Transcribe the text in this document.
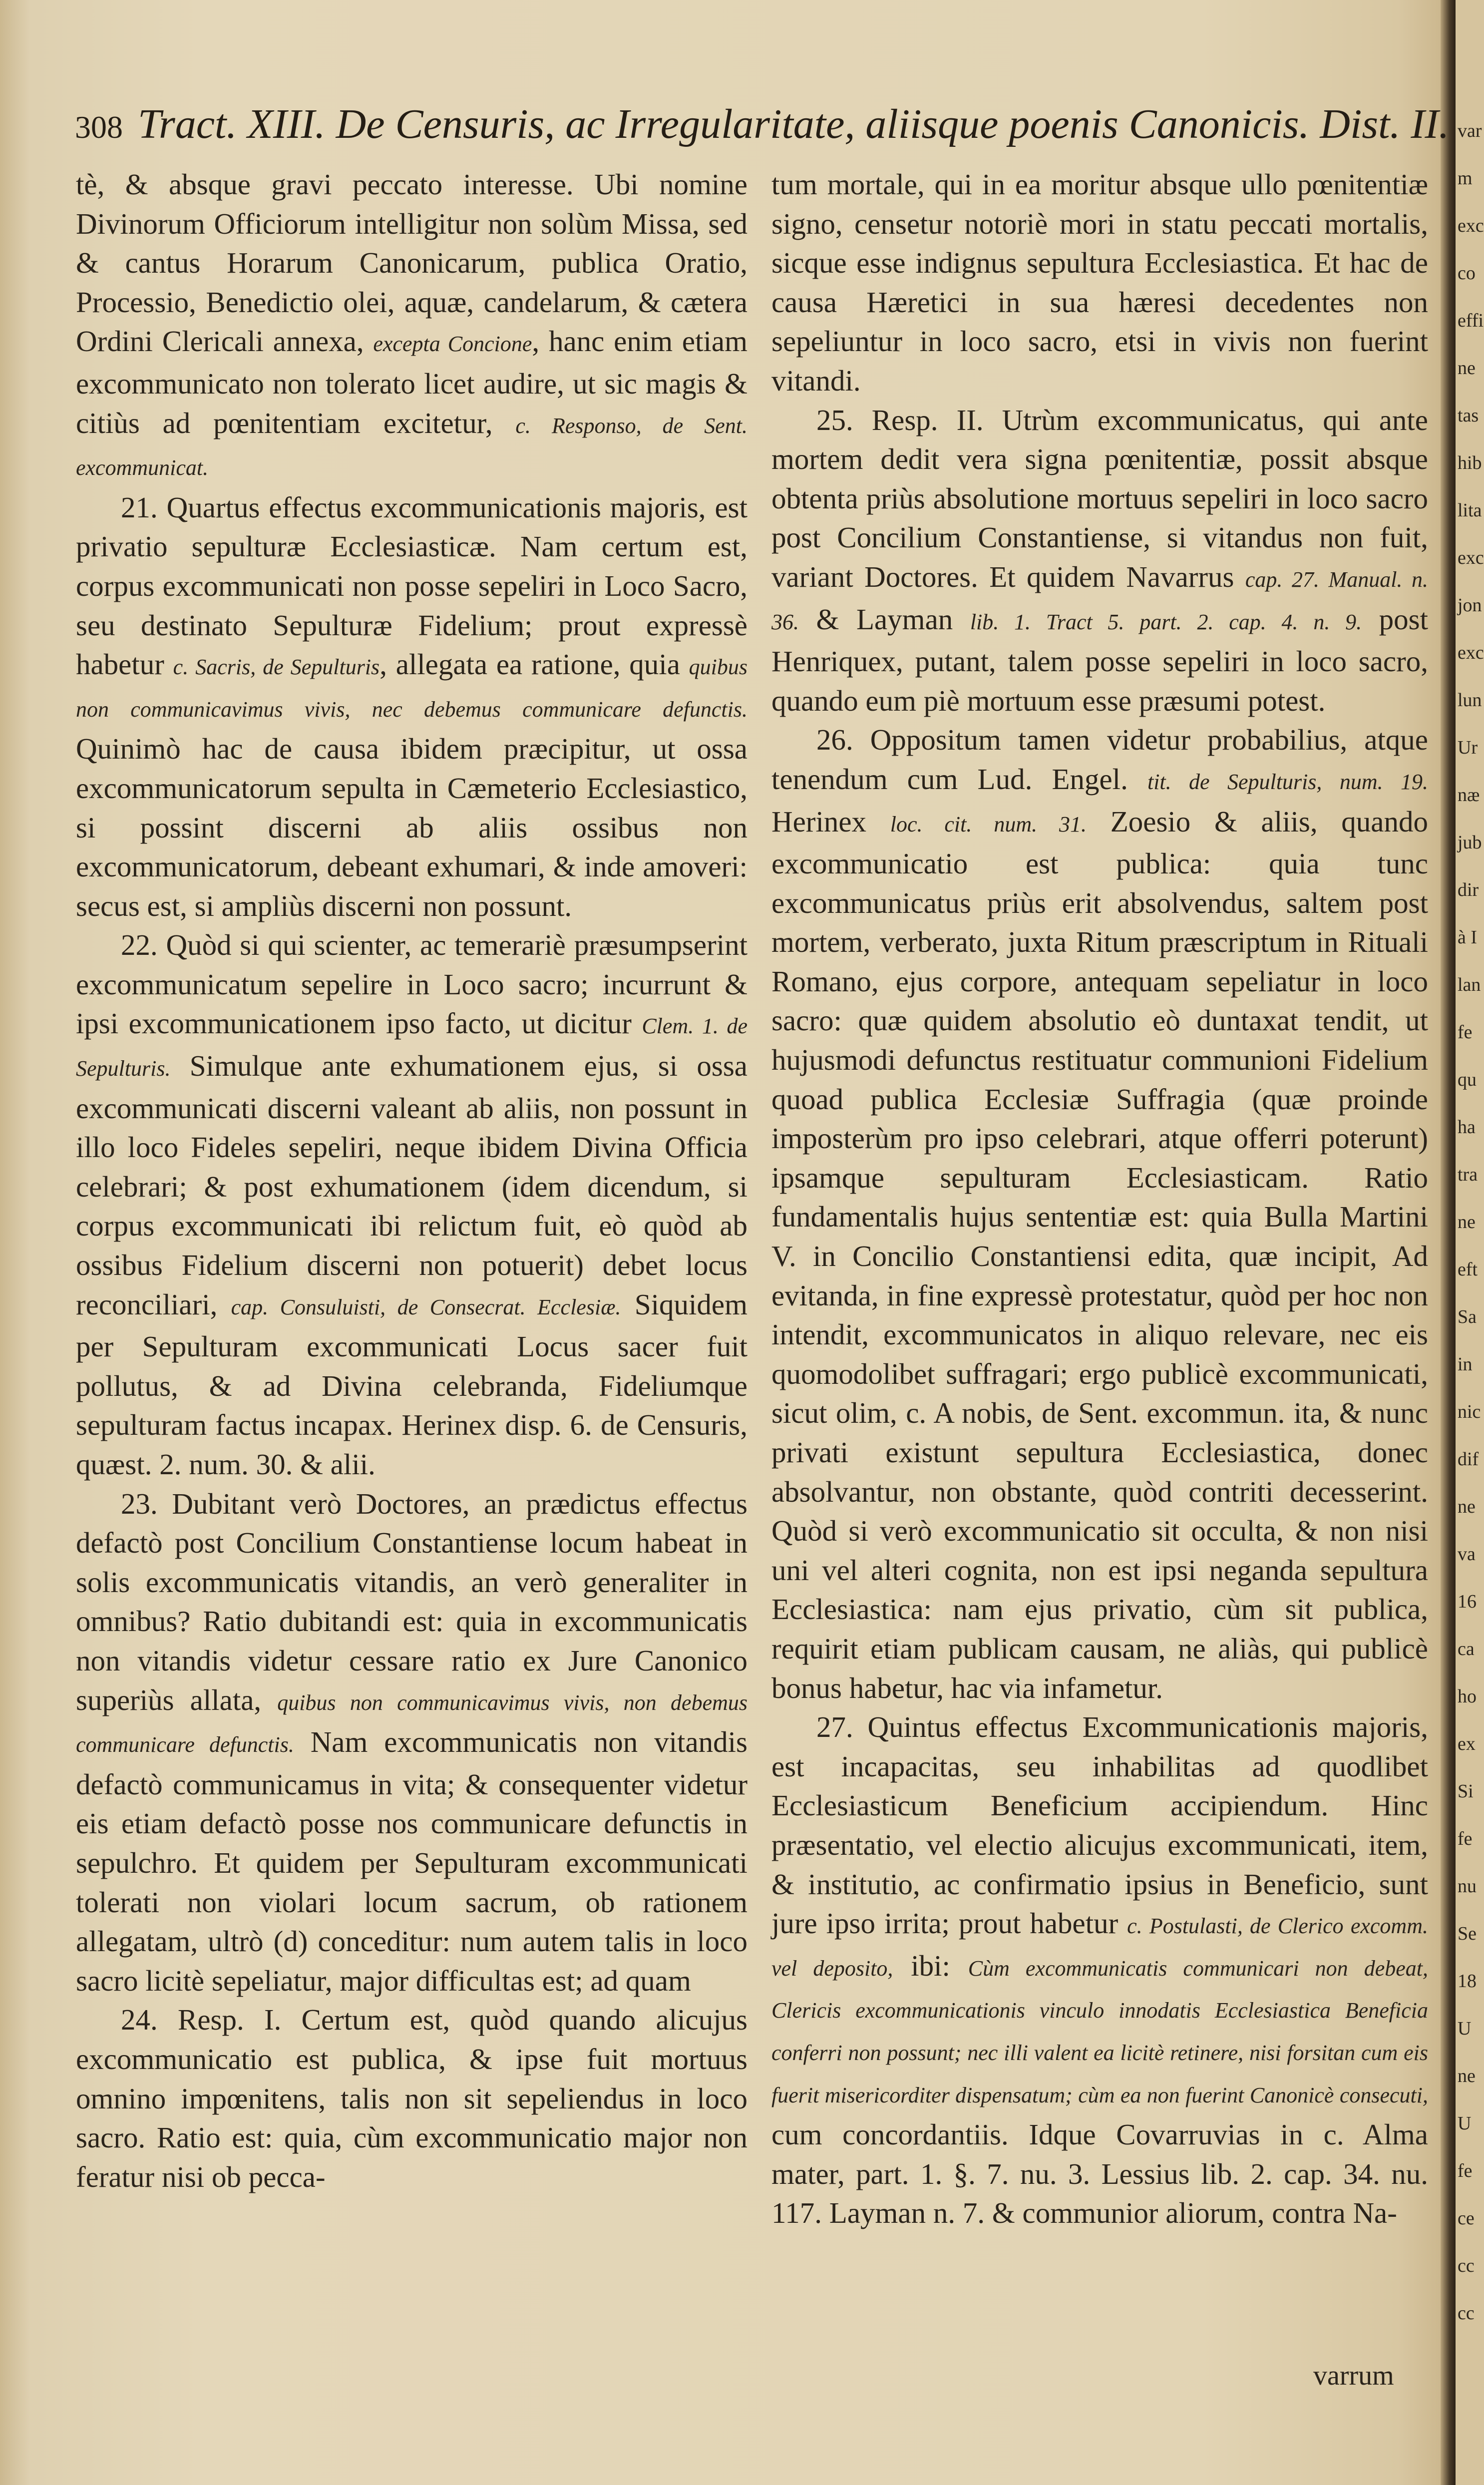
var
m
exc
co
effi
ne
tas
hib
lita
exc
jon
exc
lun
Ur
næ
jub
dir
à I
lan
fe
qu
ha
tra
ne
eft
Sa
in
nic
dif
ne
va
16
ca
ho
ex
Si
fe
nu
Se
18
U
ne
U
fe
ce
cc
cc
308 Tract. XIII. De Censuris, ac Irregularitate, aliisque poenis Canonicis. Dist. II.

tè, & absque gravi peccato interesse. Ubi nomine Divinorum Officiorum intelligitur non solùm Missa, sed & cantus Horarum Canonicarum, publica Oratio, Processio, Benedictio olei, aquæ, candelarum, & cætera Ordini Clericali annexa, excepta Concione, hanc enim etiam excommunicato non tolerato licet audire, ut sic magis & citiùs ad pœnitentiam excitetur, c. Responso, de Sent. excommunicat.

21. Quartus effectus excommunicationis majoris, est privatio sepulturæ Ecclesiasticæ. Nam certum est, corpus excommunicati non posse sepeliri in Loco Sacro, seu destinato Sepulturæ Fidelium; prout expressè habetur c. Sacris, de Sepulturis, allegata ea ratione, quia quibus non communicavimus vivis, nec debemus communicare defunctis. Quinimò hac de causa ibidem præcipitur, ut ossa excommunicatorum sepulta in Cæmeterio Ecclesiastico, si possint discerni ab aliis ossibus non excommunicatorum, debeant exhumari, & inde amoveri: secus est, si ampliùs discerni non possunt.

22. Quòd si qui scienter, ac temerariè præsumpserint excommunicatum sepelire in Loco sacro; incurrunt & ipsi excommunicationem ipso facto, ut dicitur Clem. 1. de Sepulturis. Simulque ante exhumationem ejus, si ossa excommunicati discerni valeant ab aliis, non possunt in illo loco Fideles sepeliri, neque ibidem Divina Officia celebrari; & post exhumationem (idem dicendum, si corpus excommunicati ibi relictum fuit, eò quòd ab ossibus Fidelium discerni non potuerit) debet locus reconciliari, cap. Consuluisti, de Consecrat. Ecclesiæ. Siquidem per Sepulturam excommunicati Locus sacer fuit pollutus, & ad Divina celebranda, Fideliumque sepulturam factus incapax. Herinex disp. 6. de Censuris, quæst. 2. num. 30. & alii.

23. Dubitant verò Doctores, an prædictus effectus defactò post Concilium Constantiense locum habeat in solis excommunicatis vitandis, an verò generaliter in omnibus? Ratio dubitandi est: quia in excommunicatis non vitandis videtur cessare ratio ex Jure Canonico superiùs allata, quibus non communicavimus vivis, non debemus communicare defunctis. Nam excommunicatis non vitandis defactò communicamus in vita; & consequenter videtur eis etiam defactò posse nos communicare defunctis in sepulchro. Et quidem per Sepulturam excommunicati tolerati non violari locum sacrum, ob rationem allegatam, ultrò (d) conceditur: num autem talis in loco sacro licitè sepeliatur, major difficultas est; ad quam

24. Resp. I. Certum est, quòd quando alicujus excommunicatio est publica, & ipse fuit mortuus omnino impœnitens, talis non sit sepeliendus in loco sacro. Ratio est: quia, cùm excommunicatio major non feratur nisi ob pecca-

tum mortale, qui in ea moritur absque ullo pœnitentiæ signo, censetur notoriè mori in statu peccati mortalis, sicque esse indignus sepultura Ecclesiastica. Et hac de causa Hæretici in sua hæresi decedentes non sepeliuntur in loco sacro, etsi in vivis non fuerint vitandi.

25. Resp. II. Utrùm excommunicatus, qui ante mortem dedit vera signa pœnitentiæ, possit absque obtenta priùs absolutione mortuus sepeliri in loco sacro post Concilium Constantiense, si vitandus non fuit, variant Doctores. Et quidem Navarrus cap. 27. Manual. n. 36. & Layman lib. 1. Tract 5. part. 2. cap. 4. n. 9. post Henriquex, putant, talem posse sepeliri in loco sacro, quando eum piè mortuum esse præsumi potest.

26. Oppositum tamen videtur probabilius, atque tenendum cum Lud. Engel. tit. de Sepulturis, num. 19. Herinex loc. cit. num. 31. Zoesio & aliis, quando excommunicatio est publica: quia tunc excommunicatus priùs erit absolvendus, saltem post mortem, verberato, juxta Ritum præscriptum in Rituali Romano, ejus corpore, antequam sepeliatur in loco sacro: quæ quidem absolutio eò duntaxat tendit, ut hujusmodi defunctus restituatur communioni Fidelium quoad publica Ecclesiæ Suffragia (quæ proinde imposterùm pro ipso celebrari, atque offerri poterunt) ipsamque sepulturam Ecclesiasticam. Ratio fundamentalis hujus sententiæ est: quia Bulla Martini V. in Concilio Constantiensi edita, quæ incipit, Ad evitanda, in fine expressè protestatur, quòd per hoc non intendit, excommunicatos in aliquo relevare, nec eis quomodolibet suffragari; ergo publicè excommunicati, sicut olim, c. A nobis, de Sent. excommun. ita, & nunc privati existunt sepultura Ecclesiastica, donec absolvantur, non obstante, quòd contriti decesserint. Quòd si verò excommunicatio sit occulta, & non nisi uni vel alteri cognita, non est ipsi neganda sepultura Ecclesiastica: nam ejus privatio, cùm sit publica, requirit etiam publicam causam, ne aliàs, qui publicè bonus habetur, hac via infametur.

27. Quintus effectus Excommunicationis majoris, est incapacitas, seu inhabilitas ad quodlibet Ecclesiasticum Beneficium accipiendum. Hinc præsentatio, vel electio alicujus excommunicati, item, & institutio, ac confirmatio ipsius in Beneficio, sunt jure ipso irrita; prout habetur c. Postulasti, de Clerico excomm. vel deposito, ibi: Cùm excommunicatis communicari non debeat, Clericis excommunicationis vinculo innodatis Ecclesiastica Beneficia conferri non possunt; nec illi valent ea licitè retinere, nisi forsitan cum eis fuerit misericorditer dispensatum; cùm ea non fuerint Canonicè consecuti, cum concordantiis. Idque Covarruvias in c. Alma mater, part. 1. §. 7. nu. 3. Lessius lib. 2. cap. 34. nu. 117. Layman n. 7. & communior aliorum, contra Na-

varrum
